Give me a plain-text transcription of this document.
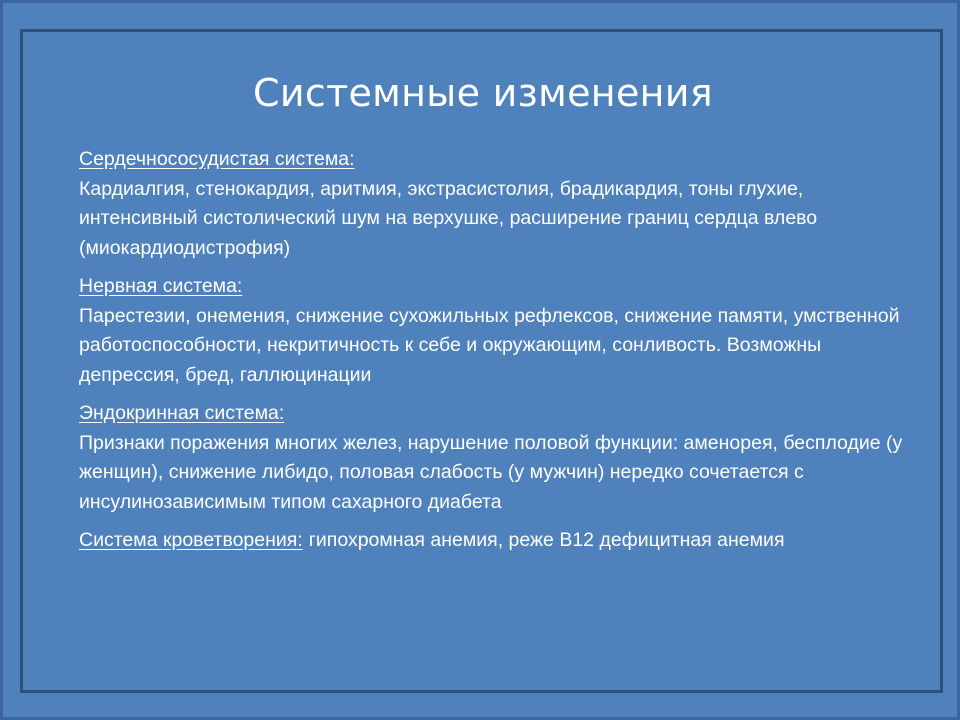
Системные изменения
Сердечнососудистая система:
Кардиалгия, стенокардия, аритмия, экстрасистолия, брадикардия, тоны глухие, интенсивный систолический шум на верхушке, расширение границ сердца влево (миокардиодистрофия)
Нервная система:
Парестезии, онемения, снижение сухожильных рефлексов, снижение памяти, умственной работоспособности, некритичность к себе и окружающим, сонливость. Возможны депрессия, бред, галлюцинации
Эндокринная система:
Признаки поражения многих желез, нарушение половой функции: аменорея, бесплодие (у женщин), снижение либидо, половая слабость (у мужчин) нередко сочетается с инсулинозависимым типом сахарного диабета
Система кроветворения: гипохромная анемия, реже В12 дефицитная анемия
